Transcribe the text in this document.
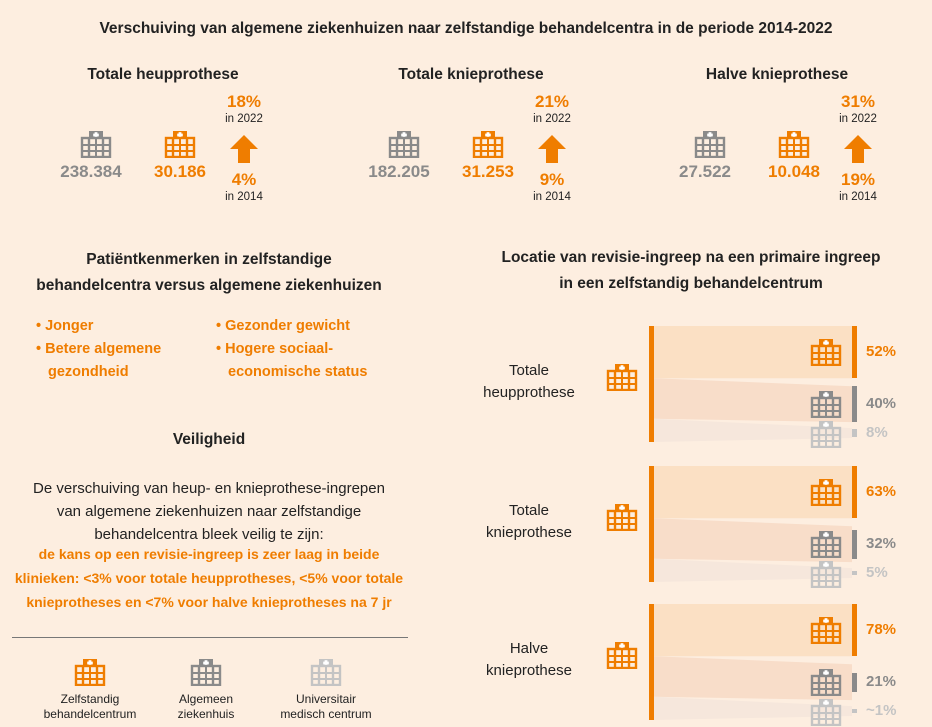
Verschuiving van algemene ziekenhuizen naar zelfstandige behandelcentra in de periode 2014-2022
Totale heupprothese
238.384	30.186
18%
in 2022
4%
in 2014
Totale knieprothese
182.205	31.253
21%
in 2022
9%
in 2014
Halve knieprothese
27.522	10.048
31%
in 2022
19%
in 2014
Patiëntkenmerken in zelfstandige
behandelcentra versus algemene ziekenhuizen
• Jonger
• Betere algemene
gezondheid
• Gezonder gewicht
• Hogere sociaal-
economische status
Veiligheid
De verschuiving van heup- en knieprothese-ingrepen
van algemene ziekenhuizen naar zelfstandige
behandelcentra bleek veilig te zijn:
de kans op een revisie-ingreep is zeer laag in beide
klinieken: <3% voor totale heupprotheses, <5% voor totale
knieprotheses en <7% voor halve knieprotheses na 7 jr
Zelfstandig
behandelcentrum
Algemeen
ziekenhuis
Universitair
medisch centrum
Locatie van revisie-ingreep na een primaire ingreep
in een zelfstandig behandelcentrum
Totale
heupprothese
52%
40%
8%
Totale
knieprothese
63%
32%
5%
Halve
knieprothese
78%
21%
~1%
